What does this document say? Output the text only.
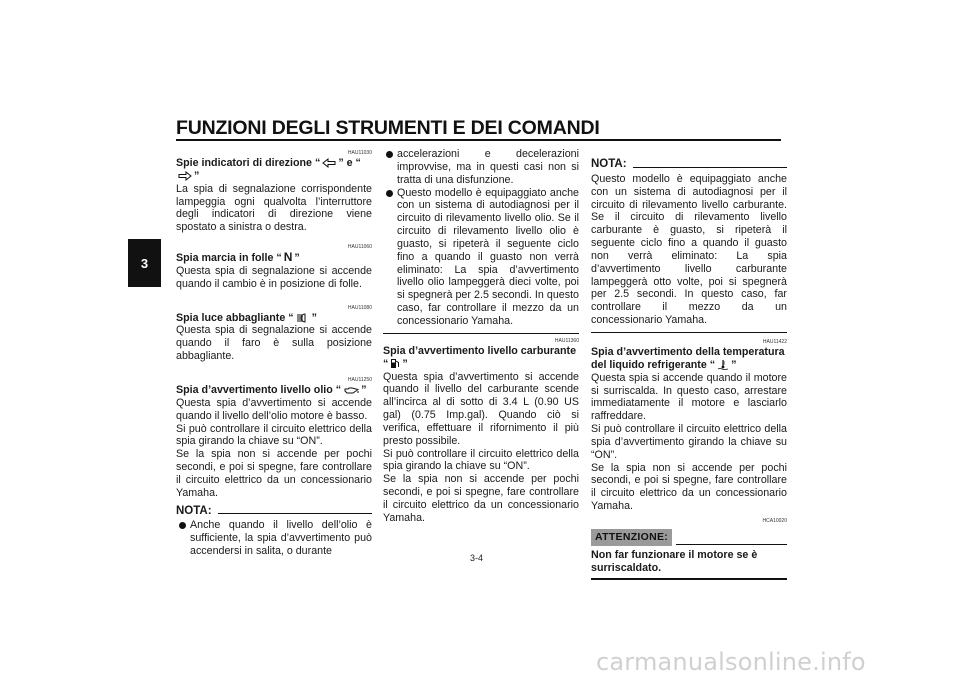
FUNZIONI DEGLI STRUMENTI E DEI COMANDI
3
HAU11030
Spie indicatori di direzione “ ” e “”

La spia di segnalazione corrispondente lampeggia ogni qualvolta l’interruttore degli indicatori di direzione viene spostato a sinistra o destra.

HAU11060
Spia marcia in folle “ N ”

Questa spia di segnalazione si accende quando il cambio è in posizione di folle.

HAU11080
Spia luce abbagliante “ ”

Questa spia di segnalazione si accende quando il faro è sulla posizione abbagliante.

HAU11250
Spia d’avvertimento livello olio “ ”

Questa spia d’avvertimento si accende quando il livello dell’olio motore è basso.

Si può controllare il circuito elettrico della spia girando la chiave su “ON”.

Se la spia non si accende per pochi secondi, e poi si spegne, fare controllare il circuito elettrico da un concessionario Yamaha.

NOTA:
Anche quando il livello dell’olio è sufficiente, la spia d’avvertimento può accendersi in salita, o durante
accelerazioni e decelerazioni improvvise, ma in questi casi non si tratta di una disfunzione.
Questo modello è equipaggiato anche con un sistema di autodiagnosi per il circuito di rilevamento livello olio. Se il circuito di rilevamento livello olio è guasto, si ripeterà il seguente ciclo fino a quando il guasto non verrà eliminato: La spia d’avvertimento livello olio lampeggerà dieci volte, poi si spegnerà per 2.5 secondi. In questo caso, far controllare il mezzo da un concessionario Yamaha.
HAU11360
Spia d’avvertimento livello carburante
“ ”

Questa spia d’avvertimento si accende quando il livello del carburante scende all’incirca al di sotto di 3.4 L (0.90 US gal) (0.75 Imp.gal). Quando ciò si verifica, effettuare il rifornimento il più presto possibile.

Si può controllare il circuito elettrico della spia girando la chiave su “ON”.

Se la spia non si accende per pochi secondi, e poi si spegne, fare controllare il circuito elettrico da un concessionario Yamaha.

NOTA:

Questo modello è equipaggiato anche con un sistema di autodiagnosi per il circuito di rilevamento livello carburante. Se il circuito di rilevamento livello carburante è guasto, si ripeterà il seguente ciclo fino a quando il guasto non verrà eliminato: La spia d’avvertimento livello carburante lampeggerà otto volte, poi si spegnerà per 2.5 secondi. In questo caso, far controllare il mezzo da un concessionario Yamaha.

HAU11422
Spia d’avvertimento della temperatura del liquido refrigerante “ ”

Questa spia si accende quando il motore si surriscalda. In questo caso, arrestare immediatamente il motore e lasciarlo raffreddare.

Si può controllare il circuito elettrico della spia d’avvertimento girando la chiave su “ON”.

Se la spia non si accende per pochi secondi, e poi si spegne, fare controllare il circuito elettrico da un concessionario Yamaha.

HCA10020
ATTENZIONE:

Non far funzionare il motore se è surriscaldato.

3-4
carmanualsonline.info
